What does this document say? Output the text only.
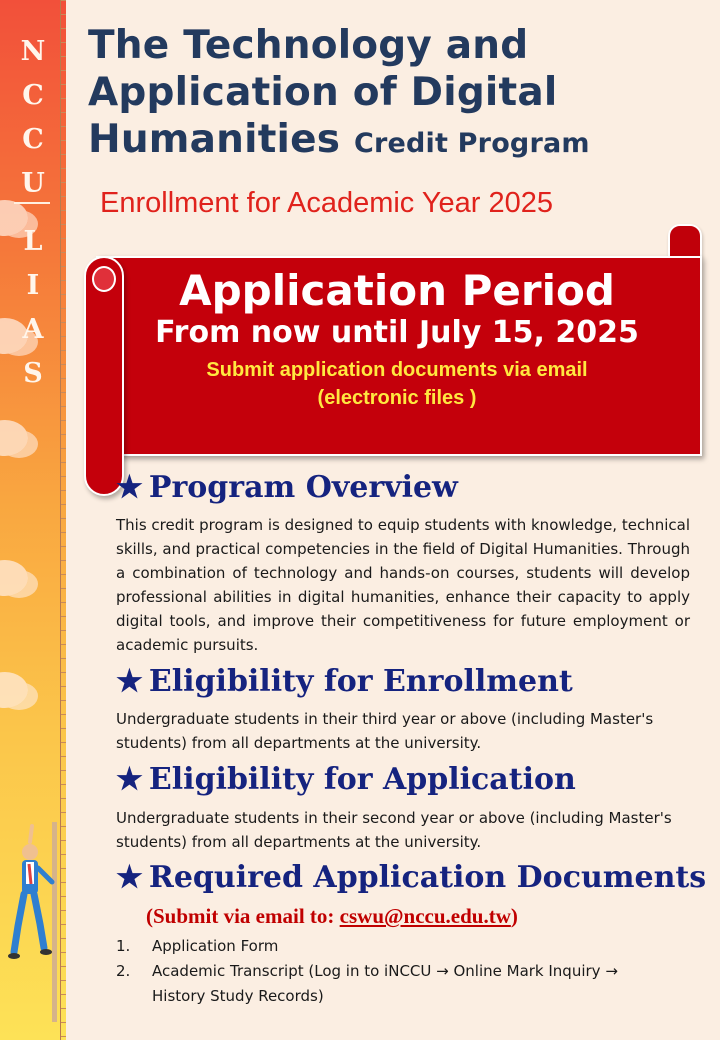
N
C
C
U
L
I
A
S
The Technology and
Application of Digital
Humanities Credit Program
Enrollment for Academic Year 2025
Application Period
From now until July 15, 2025
Submit application documents via email
(electronic files )
★ Program Overview
This credit program is designed to equip students with knowledge, technical skills, and practical competencies in the field of Digital Humanities. Through a combination of technology and hands-on courses, students will develop professional abilities in digital humanities, enhance their capacity to apply digital tools, and improve their competitiveness for future employment or academic pursuits.
★ Eligibility for Enrollment
Undergraduate students in their third year or above (including Master's students) from all departments at the university.
★ Eligibility for Application
Undergraduate students in their second year or above (including Master's students) from all departments at the university.
★ Required Application Documents
(Submit via email to: cswu@nccu.edu.tw)
1.	Application Form
2.	Academic Transcript (Log in to iNCCU → Online Mark Inquiry → History Study Records)
